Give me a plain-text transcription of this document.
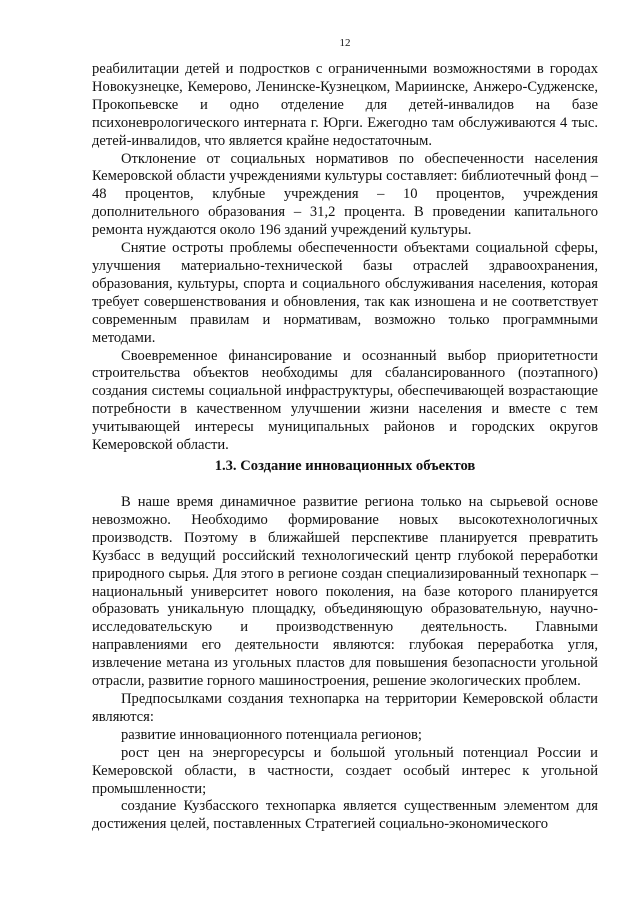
12

реабилитации детей и подростков с ограниченными возможностями в городах Новокузнецке, Кемерово, Ленинске-Кузнецком, Мариинске, Анжеро-Судженске, Прокопьевске и одно отделение для детей-инвалидов на базе психоневрологического интерната г. Юрги. Ежегодно там обслуживаются 4 тыс. детей-инвалидов, что является крайне недостаточным.

Отклонение от социальных нормативов по обеспеченности населения Кемеровской области учреждениями культуры составляет: библиотечный фонд – 48 процентов, клубные учреждения – 10 процентов, учреждения дополнительного образования – 31,2 процента. В проведении капитального ремонта нуждаются около 196 зданий учреждений культуры.

Снятие остроты проблемы обеспеченности объектами социальной сферы, улучшения материально-технической базы отраслей здравоохранения, образования, культуры, спорта и социального обслуживания населения, которая требует совершенствования и обновления, так как изношена и не соответствует современным правилам и нормативам, возможно только программными методами.

Своевременное финансирование и осознанный выбор приоритетности строительства объектов необходимы для сбалансированного (поэтапного) создания системы социальной инфраструктуры, обеспечивающей возрастающие потребности в качественном улучшении жизни населения и вместе с тем учитывающей интересы муниципальных районов и городских округов Кемеровской области.

1.3. Создание инновационных объектов

В наше время динамичное развитие региона только на сырьевой основе невозможно. Необходимо формирование новых высокотехнологичных производств. Поэтому в ближайшей перспективе планируется превратить Кузбасс в ведущий российский технологический центр глубокой переработки природного сырья. Для этого в регионе создан специализированный технопарк – национальный университет нового поколения, на базе которого планируется образовать уникальную площадку, объединяющую образовательную, научно-исследовательскую и производственную деятельность. Главными направлениями его деятельности являются: глубокая переработка угля, извлечение метана из угольных пластов для повышения безопасности угольной отрасли, развитие горного машиностроения, решение экологических проблем.

Предпосылками создания технопарка на территории Кемеровской области являются:

развитие инновационного потенциала регионов;

рост цен на энергоресурсы и большой угольный потенциал России и Кемеровской области, в частности, создает особый интерес к угольной промышленности;

создание Кузбасского технопарка является существенным элементом для достижения целей, поставленных Стратегией социально-экономического
